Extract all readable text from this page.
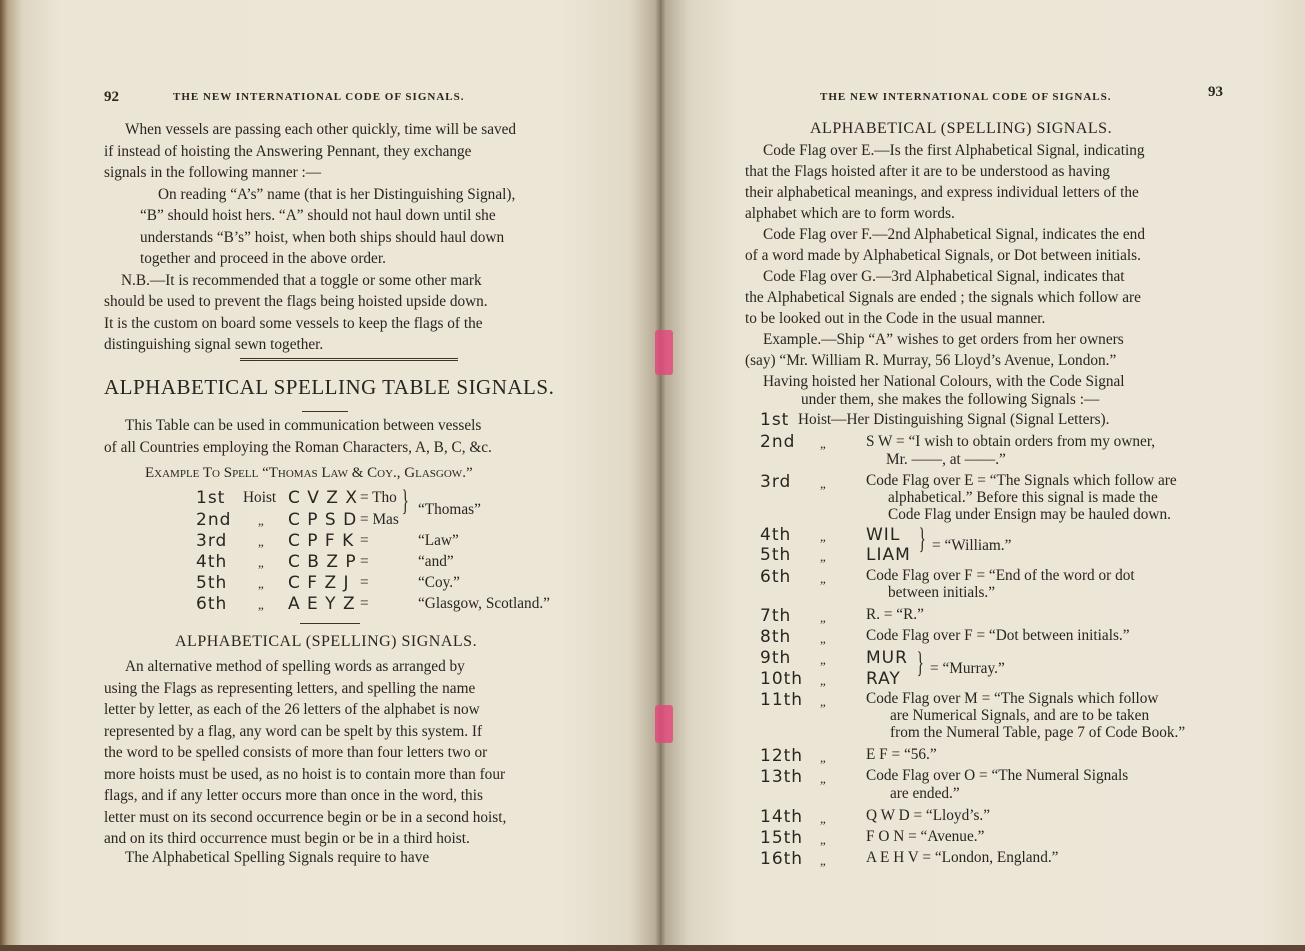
92	THE NEW INTERNATIONAL CODE OF SIGNALS.
When vessels are passing each other quickly, time will be saved
if instead of hoisting the Answering Pennant, they exchange
signals in the following manner :—
On reading “A’s” name (that is her Distinguishing Signal),
“B” should hoist hers. “A” should not haul down until she
understands “B’s” hoist, when both ships should haul down
together and proceed in the above order.
N.B.—It is recommended that a toggle or some other mark
should be used to prevent the flags being hoisted upside down.
It is the custom on board some vessels to keep the flags of the
distinguishing signal sewn together.
ALPHABETICAL SPELLING TABLE SIGNALS.
This Table can be used in communication between vessels
of all Countries employing the Roman Characters, A, B, C, &c.
Example To Spell “Thomas Law & Coy., Glasgow.”
1st Hoist C V Z X = Tho
2nd „ C P S D = Mas
} “Thomas”
3rd „ C P F K =	“Law”
4th „ C B Z P =	“and”
5th „ C F Z J =	“Coy.”
6th „ A E Y Z =	“Glasgow, Scotland.”
ALPHABETICAL (SPELLING) SIGNALS.
An alternative method of spelling words as arranged by
using the Flags as representing letters, and spelling the name
letter by letter, as each of the 26 letters of the alphabet is now
represented by a flag, any word can be spelt by this system. If
the word to be spelled consists of more than four letters two or
more hoists must be used, as no hoist is to contain more than four
flags, and if any letter occurs more than once in the word, this
letter must on its second occurrence begin or be in a second hoist,
and on its third occurrence must begin or be in a third hoist.
The Alphabetical Spelling Signals require to have
THE NEW INTERNATIONAL CODE OF SIGNALS.	93
ALPHABETICAL (SPELLING) SIGNALS.
Code Flag over E.—Is the first Alphabetical Signal, indicating
that the Flags hoisted after it are to be understood as having
their alphabetical meanings, and express individual letters of the
alphabet which are to form words.
Code Flag over F.—2nd Alphabetical Signal, indicates the end
of a word made by Alphabetical Signals, or Dot between initials.
Code Flag over G.—3rd Alphabetical Signal, indicates that
the Alphabetical Signals are ended ; the signals which follow are
to be looked out in the Code in the usual manner.
Example.—Ship “A” wishes to get orders from her owners
(say) “Mr. William R. Murray, 56 Lloyd’s Avenue, London.”
Having hoisted her National Colours, with the Code Signal
under them, she makes the following Signals :—
1st Hoist—Her Distinguishing Signal (Signal Letters).
2nd „	S W = “I wish to obtain orders from my owner,
Mr. ——, at ——.”
3rd „	Code Flag over E = “The Signals which follow are
alphabetical.” Before this signal is made the
Code Flag under Ensign may be hauled down.
4th „ WIL
5th „ LIAM } = “William.”
6th „	Code Flag over F = “End of the word or dot
between initials.”
7th „	R. = “R.”
8th „	Code Flag over F = “Dot between initials.”
9th „ MUR
10th „ RAY } = “Murray.”
11th „	Code Flag over M = “The Signals which follow
are Numerical Signals, and are to be taken
from the Numeral Table, page 7 of Code Book.”
12th „	E F = “56.”
13th „	Code Flag over O = “The Numeral Signals
are ended.”
14th „	Q W D = “Lloyd’s.”
15th „	F O N = “Avenue.”
16th „	A E H V = “London, England.”
